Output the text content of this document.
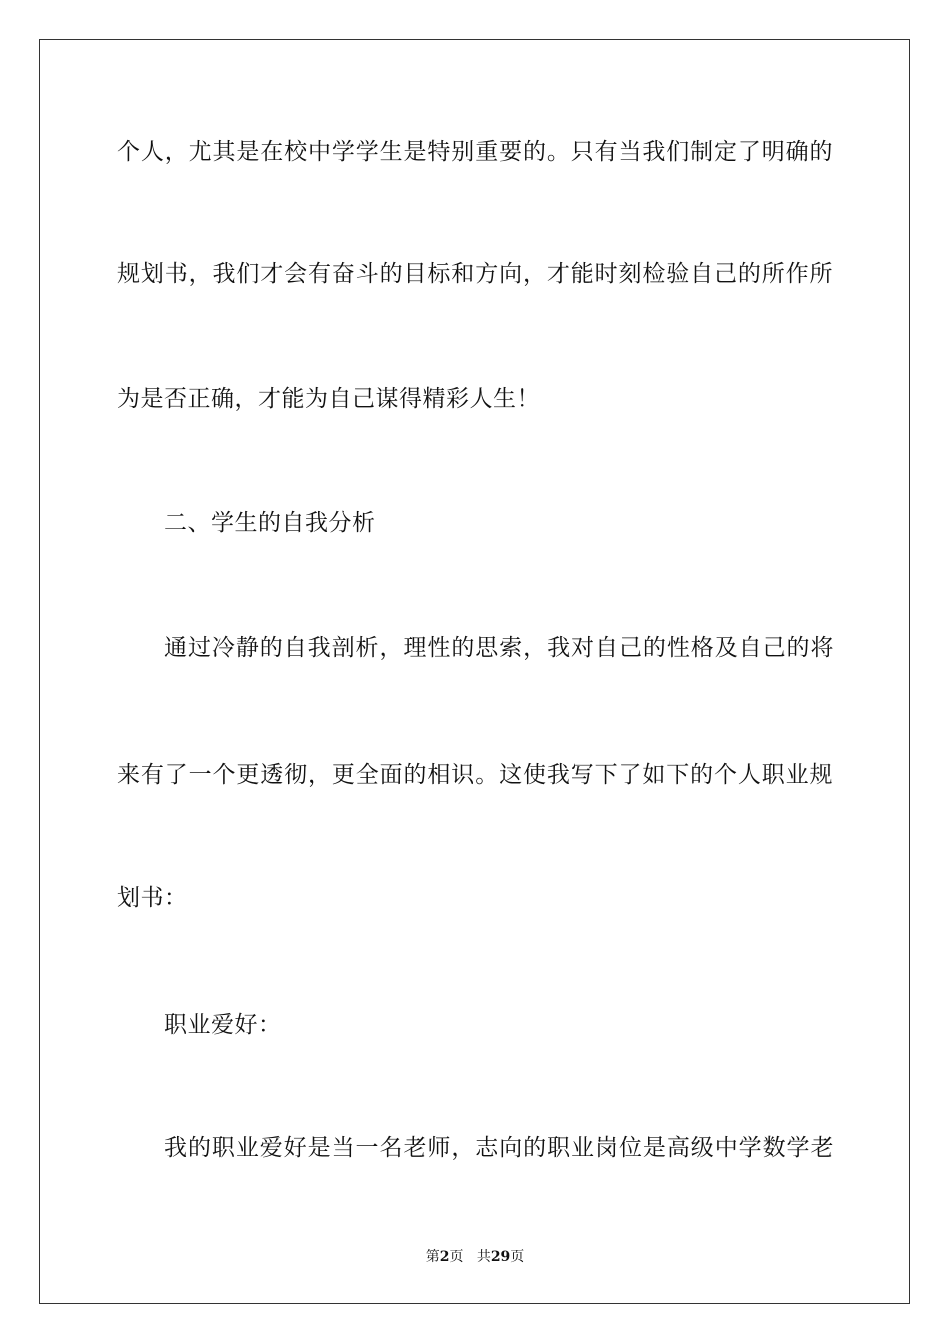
个人，尤其是在校中学学生是特别重要的。只有当我们制定了明确的
规划书，我们才会有奋斗的目标和方向，才能时刻检验自己的所作所
为是否正确，才能为自己谋得精彩人生！
二、学生的自我分析
通过冷静的自我剖析，理性的思索，我对自己的性格及自己的将
来有了一个更透彻，更全面的相识。这使我写下了如下的个人职业规
划书：
职业爱好：
我的职业爱好是当一名老师，志向的职业岗位是高级中学数学老
第2页 共29页
